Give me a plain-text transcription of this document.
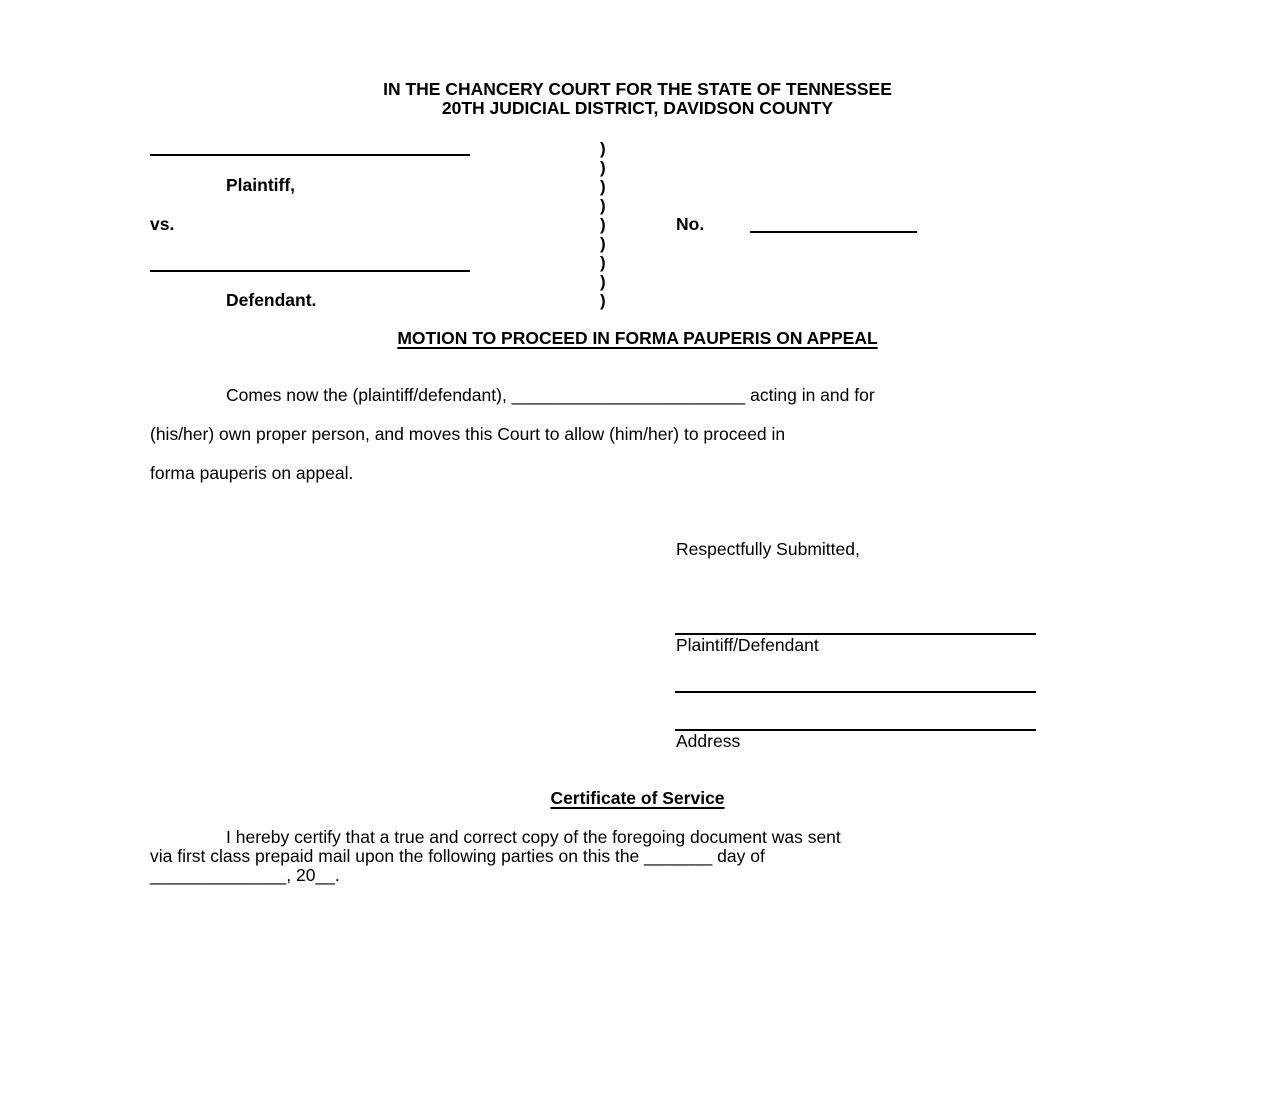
IN THE CHANCERY COURT FOR THE STATE OF TENNESSEE
20TH JUDICIAL DISTRICT, DAVIDSON COUNTY
Plaintiff,
vs.
Defendant.
)
)
)
)
)
)
)
)
)
No.
MOTION TO PROCEED IN FORMA PAUPERIS ON APPEAL
Comes now the (plaintiff/defendant), ________________________ acting in and for
(his/her) own proper person, and moves this Court to allow (him/her) to proceed in
forma pauperis on appeal.
Respectfully Submitted,
Plaintiff/Defendant
Address
Certificate of Service
I hereby certify that a true and correct copy of the foregoing document was sent
via first class prepaid mail upon the following parties on this the _______ day of
______________, 20__.
